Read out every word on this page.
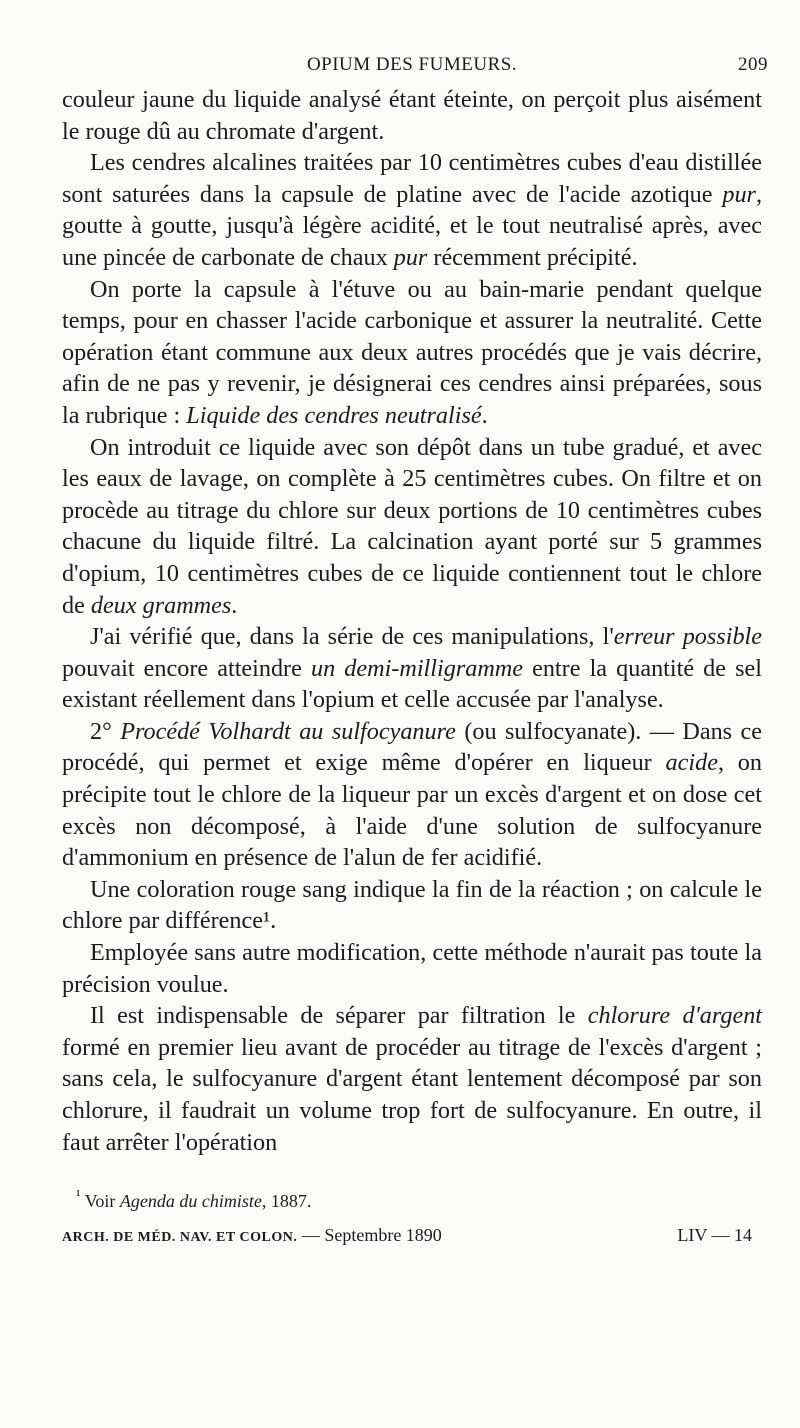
OPIUM DES FUMEURS.	209

couleur jaune du liquide analysé étant éteinte, on perçoit plus aisément le rouge dû au chromate d'argent.

Les cendres alcalines traitées par 10 centimètres cubes d'eau distillée sont saturées dans la capsule de platine avec de l'acide azotique pur, goutte à goutte, jusqu'à légère acidité, et le tout neutralisé après, avec une pincée de carbonate de chaux pur récemment précipité.

On porte la capsule à l'étuve ou au bain-marie pendant quelque temps, pour en chasser l'acide carbonique et assurer la neutralité. Cette opération étant commune aux deux autres procédés que je vais décrire, afin de ne pas y revenir, je désignerai ces cendres ainsi préparées, sous la rubrique : Liquide des cendres neutralisé.

On introduit ce liquide avec son dépôt dans un tube gradué, et avec les eaux de lavage, on complète à 25 centimètres cubes. On filtre et on procède au titrage du chlore sur deux portions de 10 centimètres cubes chacune du liquide filtré. La calcination ayant porté sur 5 grammes d'opium, 10 centimètres cubes de ce liquide contiennent tout le chlore de deux grammes.

J'ai vérifié que, dans la série de ces manipulations, l'erreur possible pouvait encore atteindre un demi-milligramme entre la quantité de sel existant réellement dans l'opium et celle accusée par l'analyse.

2° Procédé Volhardt au sulfocyanure (ou sulfocyanate). — Dans ce procédé, qui permet et exige même d'opérer en liqueur acide, on précipite tout le chlore de la liqueur par un excès d'argent et on dose cet excès non décomposé, à l'aide d'une solution de sulfocyanure d'ammonium en présence de l'alun de fer acidifié.

Une coloration rouge sang indique la fin de la réaction ; on calcule le chlore par différence¹.

Employée sans autre modification, cette méthode n'aurait pas toute la précision voulue.

Il est indispensable de séparer par filtration le chlorure d'argent formé en premier lieu avant de procéder au titrage de l'excès d'argent ; sans cela, le sulfocyanure d'argent étant lentement décomposé par son chlorure, il faudrait un volume trop fort de sulfocyanure. En outre, il faut arrêter l'opération

$^{^1}$ Voir Agenda du chimiste, 1887.
ARCH. DE MÉD. NAV. ET COLON. — Septembre 1890	LIV — 14
